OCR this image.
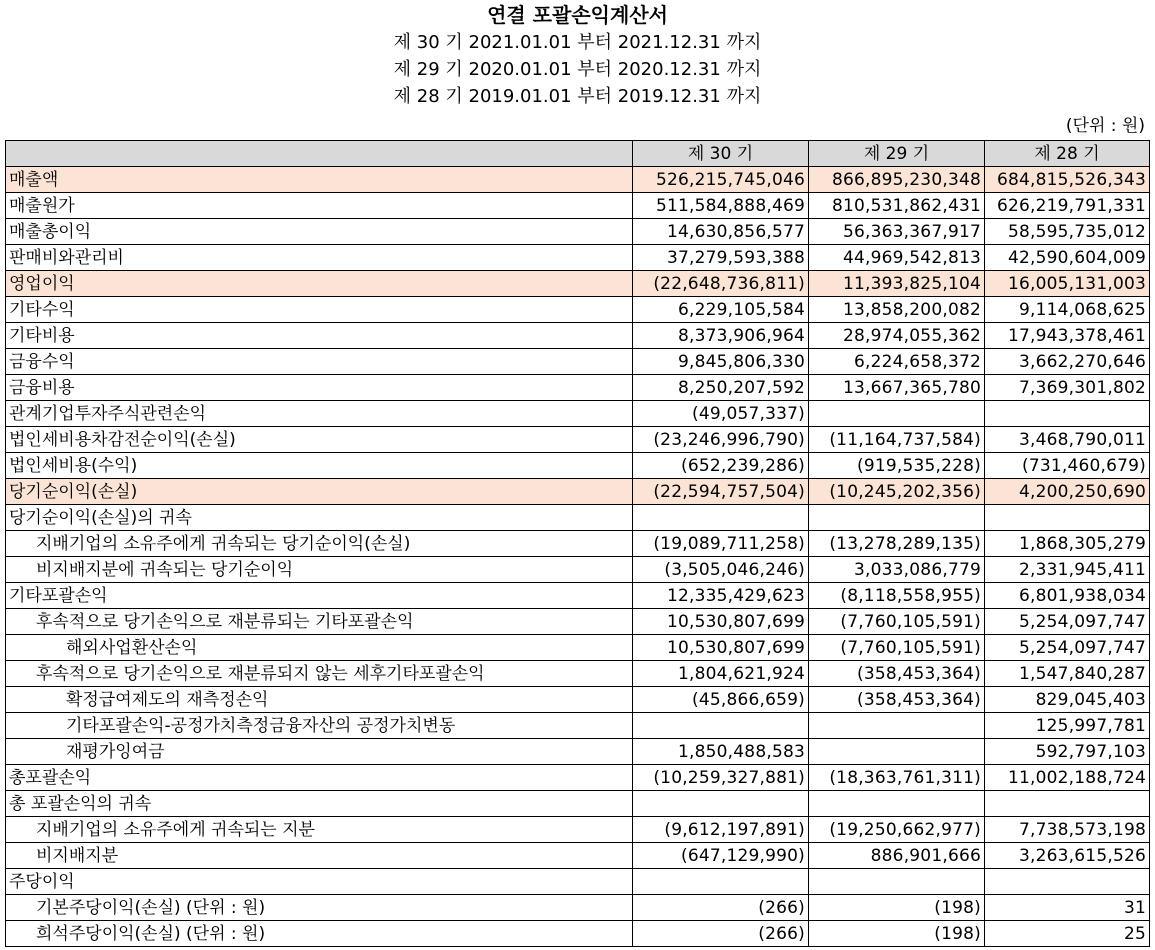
연결 포괄손익계산서
제 30 기 2021.01.01 부터 2021.12.31 까지
제 29 기 2020.01.01 부터 2020.12.31 까지
제 28 기 2019.01.01 부터 2019.12.31 까지
(단위 : 원)
	제 30 기	제 29 기	제 28 기
매출액	526,215,745,046	866,895,230,348	684,815,526,343
매출원가	511,584,888,469	810,531,862,431	626,219,791,331
매출총이익	14,630,856,577	56,363,367,917	58,595,735,012
판매비와관리비	37,279,593,388	44,969,542,813	42,590,604,009
영업이익	(22,648,736,811)	11,393,825,104	16,005,131,003
기타수익	6,229,105,584	13,858,200,082	9,114,068,625
기타비용	8,373,906,964	28,974,055,362	17,943,378,461
금융수익	9,845,806,330	6,224,658,372	3,662,270,646
금융비용	8,250,207,592	13,667,365,780	7,369,301,802
관계기업투자주식관련손익	(49,057,337)		
법인세비용차감전순이익(손실)	(23,246,996,790)	(11,164,737,584)	3,468,790,011
법인세비용(수익)	(652,239,286)	(919,535,228)	(731,460,679)
당기순이익(손실)	(22,594,757,504)	(10,245,202,356)	4,200,250,690
당기순이익(손실)의 귀속			
지배기업의 소유주에게 귀속되는 당기순이익(손실)	(19,089,711,258)	(13,278,289,135)	1,868,305,279
비지배지분에 귀속되는 당기순이익	(3,505,046,246)	3,033,086,779	2,331,945,411
기타포괄손익	12,335,429,623	(8,118,558,955)	6,801,938,034
후속적으로 당기손익으로 재분류되는 기타포괄손익	10,530,807,699	(7,760,105,591)	5,254,097,747
해외사업환산손익	10,530,807,699	(7,760,105,591)	5,254,097,747
후속적으로 당기손익으로 재분류되지 않는 세후기타포괄손익	1,804,621,924	(358,453,364)	1,547,840,287
확정급여제도의 재측정손익	(45,866,659)	(358,453,364)	829,045,403
기타포괄손익-공정가치측정금융자산의 공정가치변동			125,997,781
재평가잉여금	1,850,488,583		592,797,103
총포괄손익	(10,259,327,881)	(18,363,761,311)	11,002,188,724
총 포괄손익의 귀속			
지배기업의 소유주에게 귀속되는 지분	(9,612,197,891)	(19,250,662,977)	7,738,573,198
비지배지분	(647,129,990)	886,901,666	3,263,615,526
주당이익			
기본주당이익(손실) (단위 : 원)	(266)	(198)	31
희석주당이익(손실) (단위 : 원)	(266)	(198)	25
